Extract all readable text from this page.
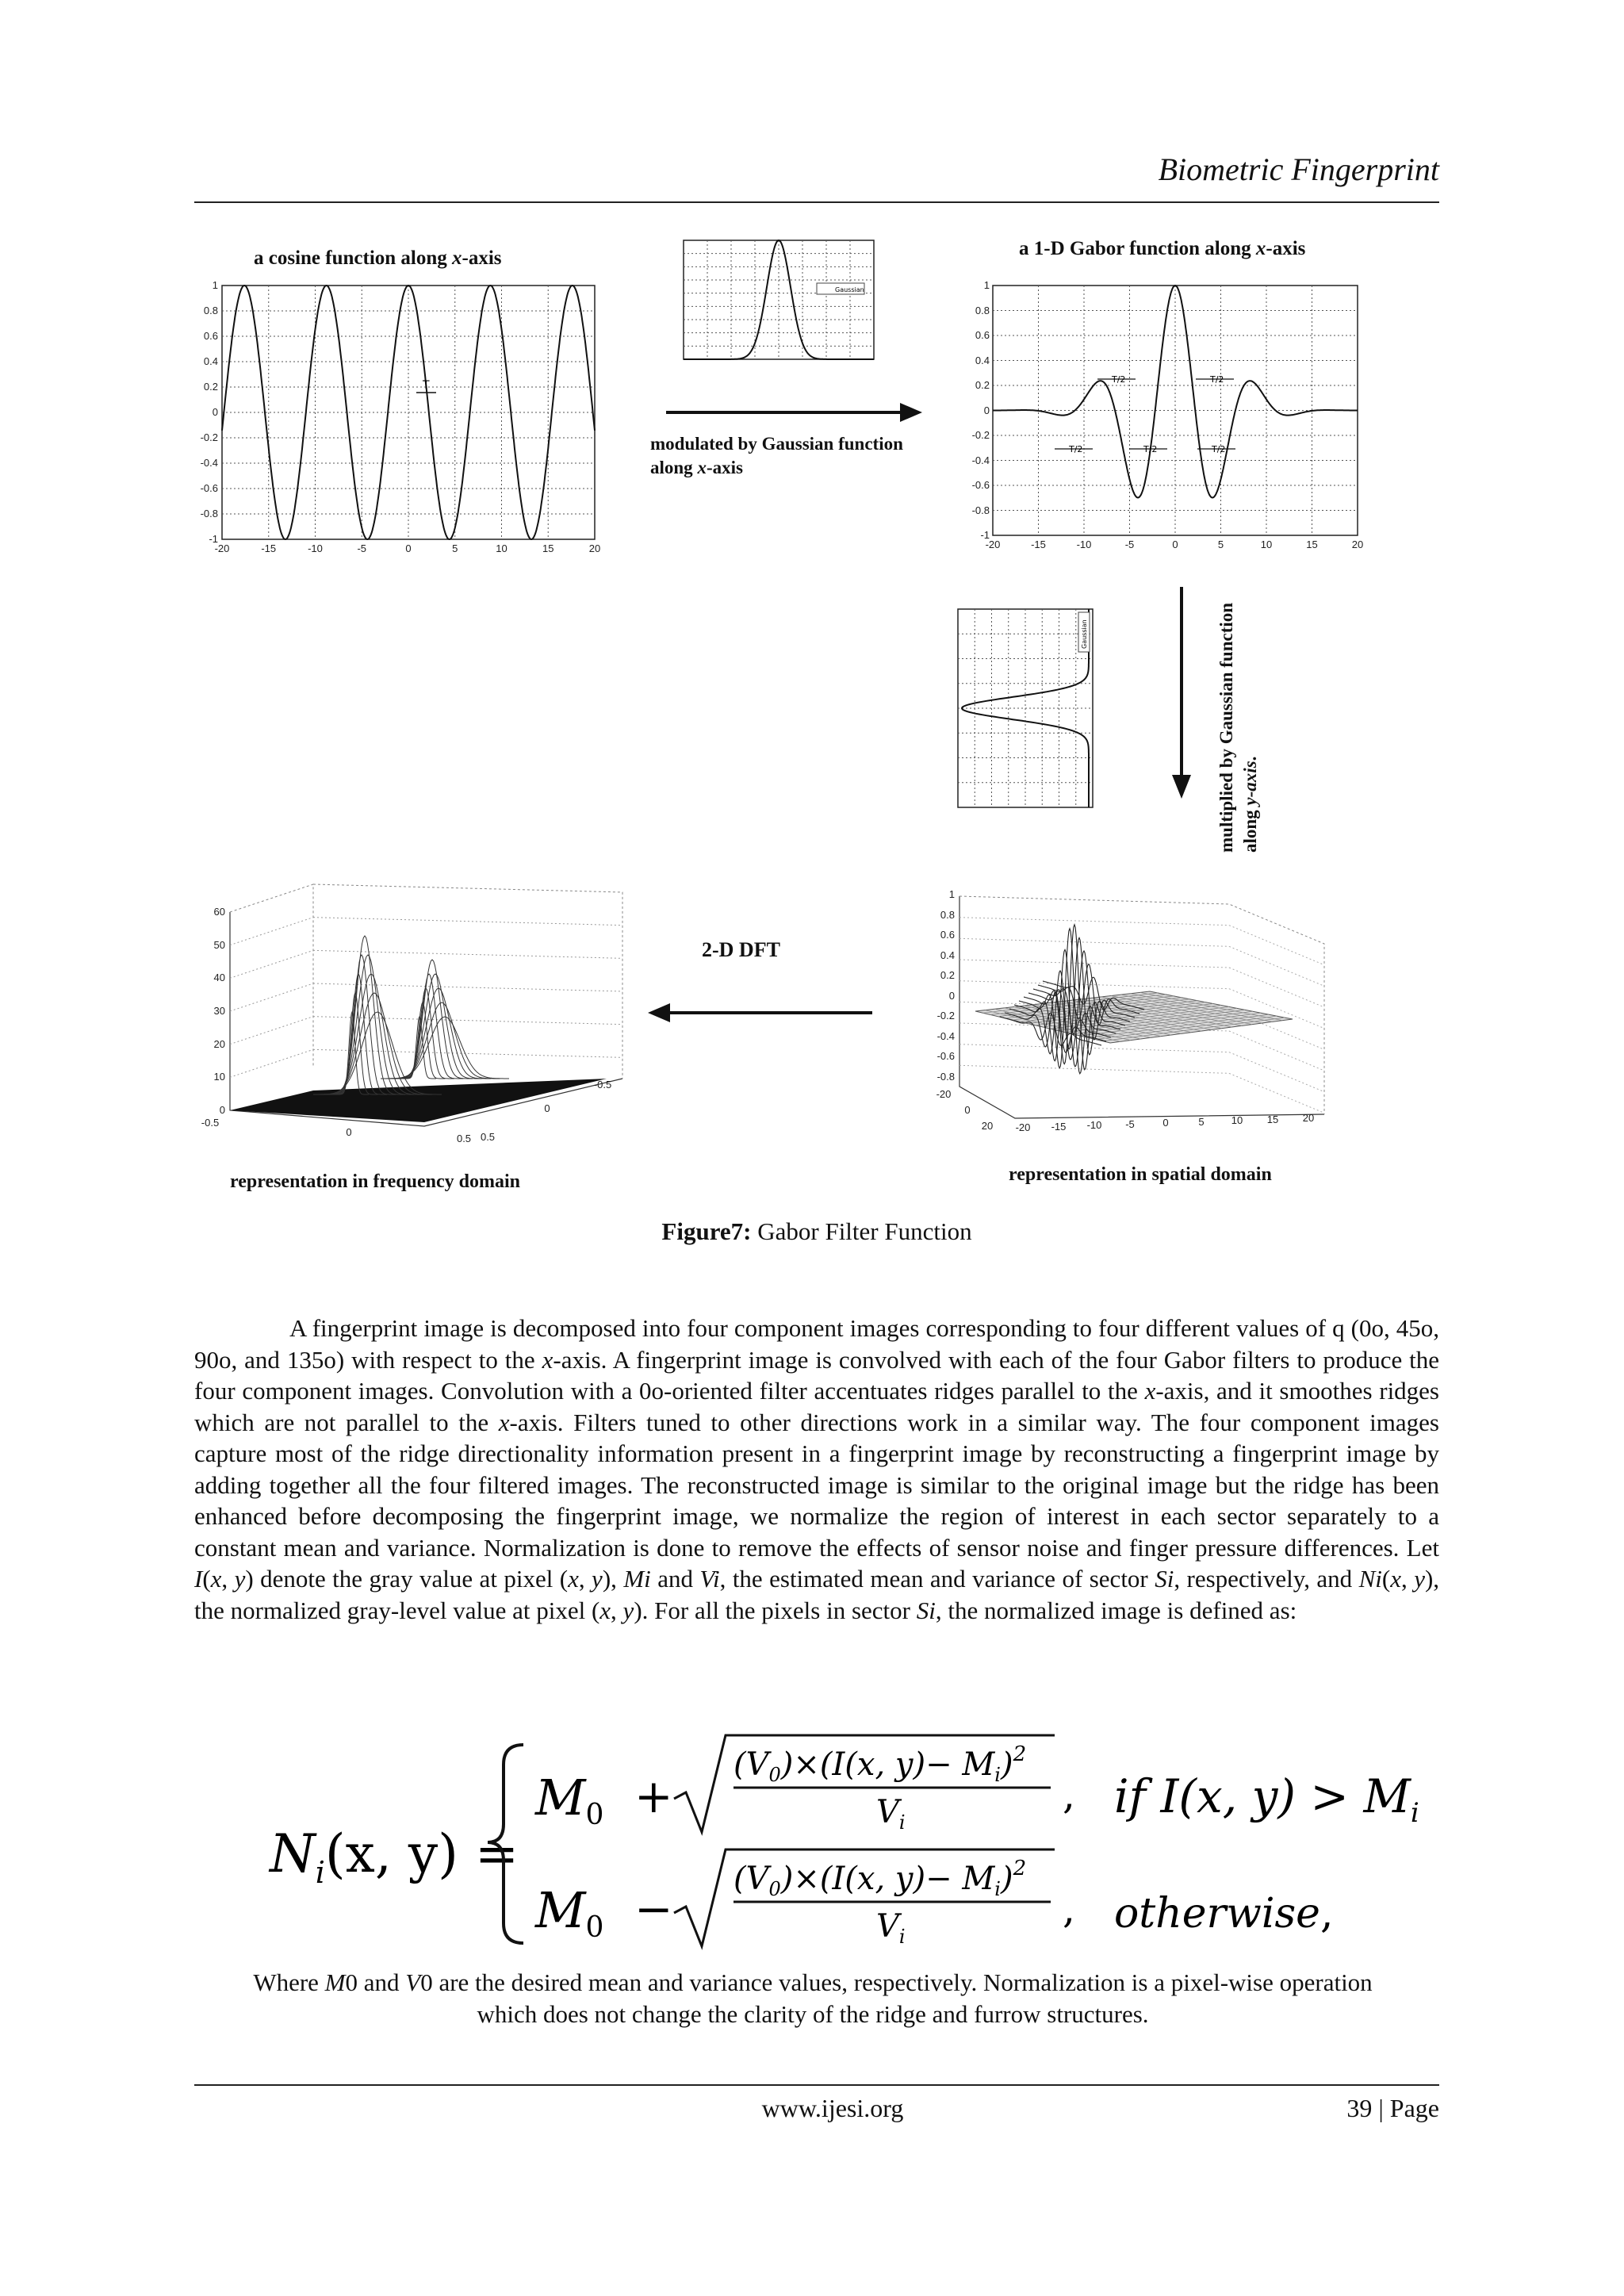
Biometric Fingerprint
a cosine function along x-axis
T
1
0.8
0.6
0.4
0.2
0
-0.2
-0.4
-0.6
-0.8
-1
-20	-15	-10	-5	0	5	10	15	20
Gaussian
modulated by Gaussian function
along x-axis
a 1-D Gabor function along x-axis
T/2	T/2
T/2	T/2	T/2
1
0.8
0.6
0.4
0.2
0
-0.2
-0.4
-0.6
-0.8
-1
-20	-15	-10	-5	0	5	10	15	20
Gaussian	multiplied by Gaussian function along y-axis.
60
50
40
30
20
10
0
-0.5
0
0.5 0.5
0
-0.5
representation in frequency domain
2-D DFT
1
0.8
0.6
0.4
0.2
0
-0.2
-0.4
-0.6
-0.8
-20
0
20 -20 -15 -10 -5	0	5	10 15 20
representation in spatial domain
Figure7: Gabor Filter Function
A fingerprint image is decomposed into four component images corresponding to four different values of q (0o, 45o, 90o, and 135o) with respect to the x-axis. A fingerprint image is convolved with each of the four Gabor filters to produce the four component images. Convolution with a 0o-oriented filter accentuates ridges parallel to the x-axis, and it smoothes ridges which are not parallel to the x-axis. Filters tuned to other directions work in a similar way. The four component images capture most of the ridge directionality information present in a fingerprint image by reconstructing a fingerprint image by adding together all the four filtered images. The reconstructed image is similar to the original image but the ridge has been enhanced before decomposing the fingerprint image, we normalize the region of interest in each sector separately to a constant mean and variance. Normalization is done to remove the effects of sensor noise and finger pressure differences. Let I(x, y) denote the gray value at pixel (x, y), Mi and Vi, the estimated mean and variance of sector Si, respectively, and Ni(x, y), the normalized gray-level value at pixel (x, y). For all the pixels in sector Si, the normalized image is defined as:
$N_i(x$, y) =
M0 +
$(V_0)\times(I(x$, $y)- M_i)^2$
$V_i$
, if I(x, $y) > M_i$
M0 −
$(V_0)\times(I(x$, $y)- M_i)^2$
$V_i$
, otherwise,
Where M0 and V0 are the desired mean and variance values, respectively. Normalization is a pixel-wise operation which does not change the clarity of the ridge and furrow structures.
www.ijesi.org	39 | Page
